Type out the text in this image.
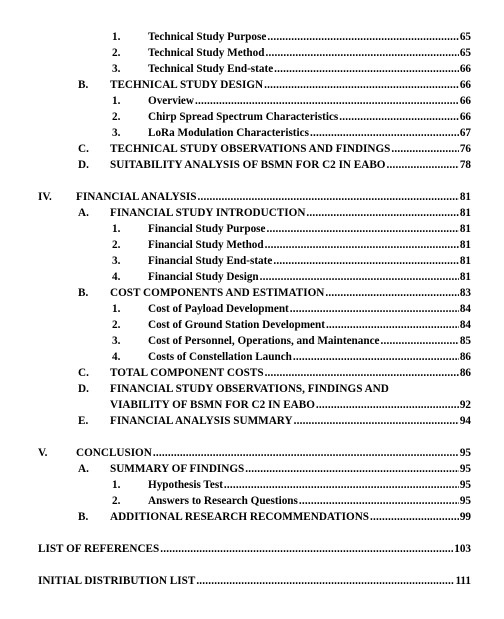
1. Technical Study Purpose .....	65
2. Technical Study Method .....	65
3. Technical Study End-state .....	66
B. TECHNICAL STUDY DESIGN .....	66
1. Overview .....	66
2. Chirp Spread Spectrum Characteristics .....	66
3. LoRa Modulation Characteristics .....	67
C. TECHNICAL STUDY OBSERVATIONS AND FINDINGS .....	76
D. SUITABILITY ANALYSIS OF BSMN FOR C2 IN EABO .....	78
IV. FINANCIAL ANALYSIS .....	81
A. FINANCIAL STUDY INTRODUCTION .....	81
1. Financial Study Purpose .....	81
2. Financial Study Method .....	81
3. Financial Study End-state .....	81
4. Financial Study Design .....	81
B. COST COMPONENTS AND ESTIMATION .....	83
1. Cost of Payload Development .....	84
2. Cost of Ground Station Development .....	84
3. Cost of Personnel, Operations, and Maintenance .....	85
4. Costs of Constellation Launch .....	86
C. TOTAL COMPONENT COSTS .....	86
D. FINANCIAL STUDY OBSERVATIONS, FINDINGS AND
VIABILITY OF BSMN FOR C2 IN EABO .....	92
E. FINANCIAL ANALYSIS SUMMARY .....	94
V.	CONCLUSION .....	95
A. SUMMARY OF FINDINGS .....	95
1. Hypothesis Test .....	95
2. Answers to Research Questions .....	95
B. ADDITIONAL RESEARCH RECOMMENDATIONS .....	99
LIST OF REFERENCES .....	103
INITIAL DISTRIBUTION LIST .....	111
